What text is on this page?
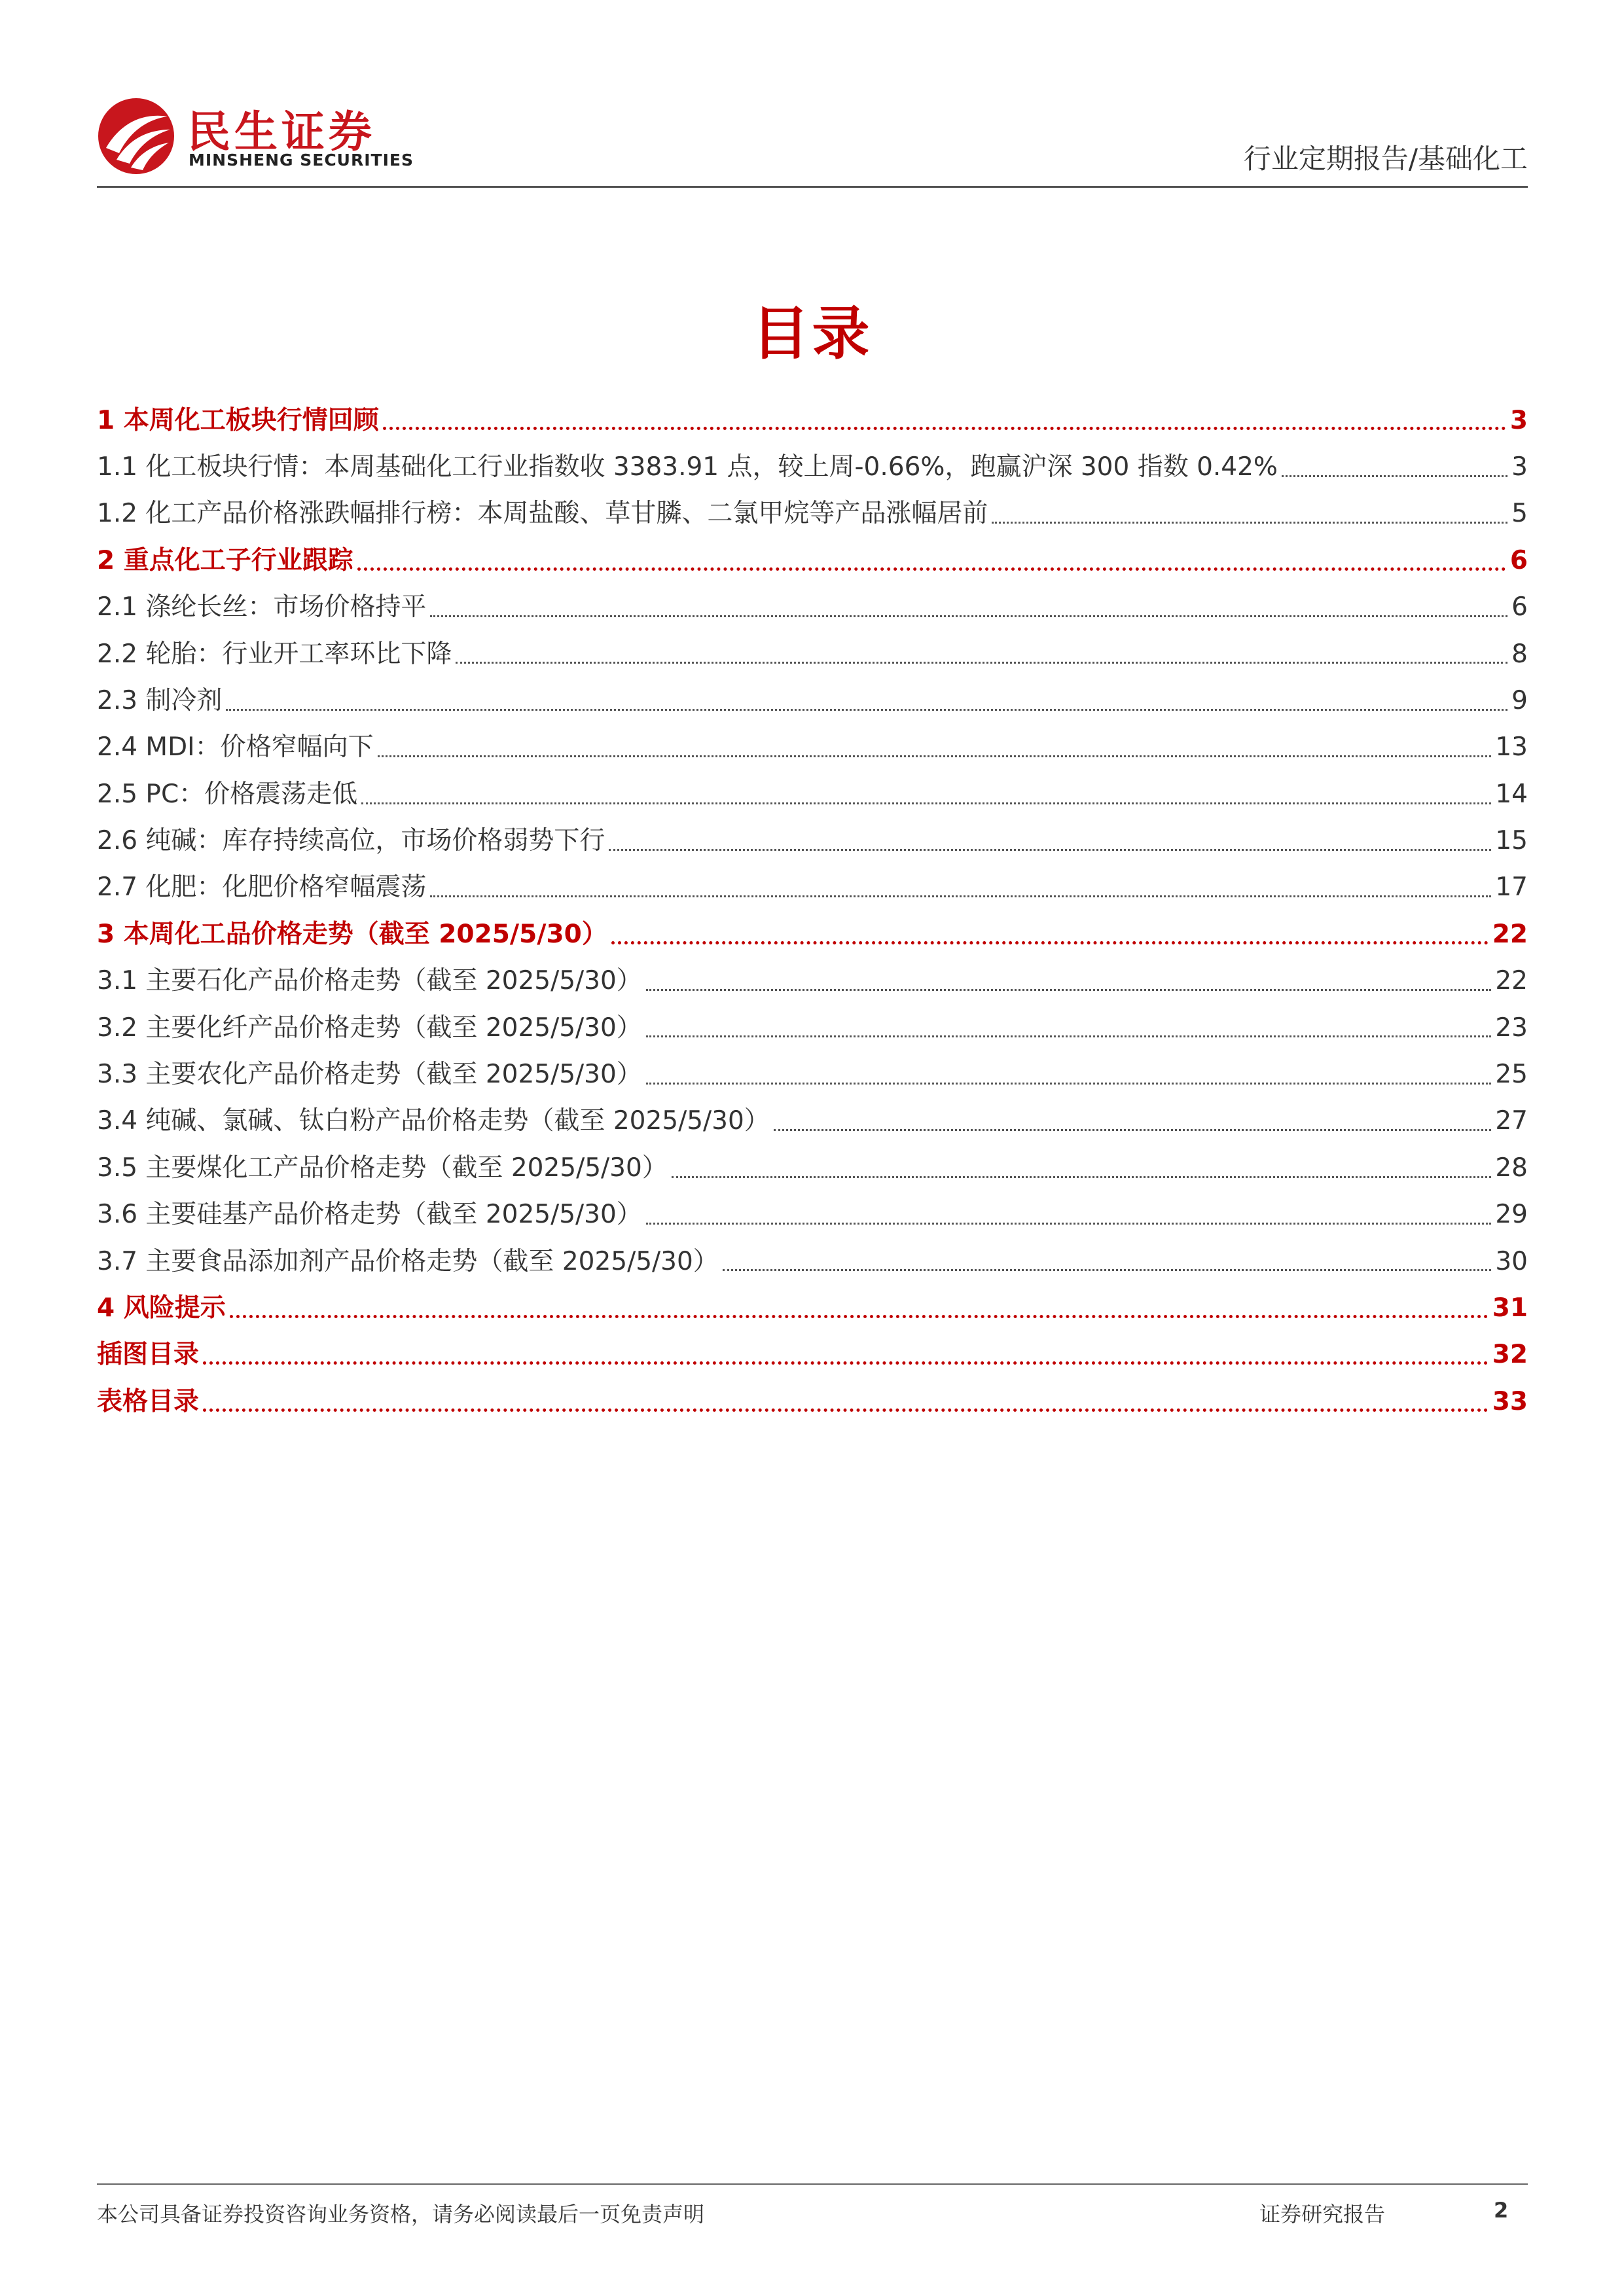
民生证券
MINSHENG SECURITIES	行业定期报告/基础化工
目录
1 本周化工板块行情回顾	3
1.1 化工板块行情：本周基础化工行业指数收 3383.91 点，较上周-0.66%，跑赢沪深 300 指数 0.42%	3
1.2 化工产品价格涨跌幅排行榜：本周盐酸、草甘膦、二氯甲烷等产品涨幅居前	5
2 重点化工子行业跟踪	6
2.1 涤纶长丝：市场价格持平	6
2.2 轮胎：行业开工率环比下降	8
2.3 制冷剂	9
2.4 MDI：价格窄幅向下	13
2.5 PC：价格震荡走低	14
2.6 纯碱：库存持续高位，市场价格弱势下行	15
2.7 化肥：化肥价格窄幅震荡	17
3 本周化工品价格走势（截至 2025/5/30）	22
3.1 主要石化产品价格走势（截至 2025/5/30）	22
3.2 主要化纤产品价格走势（截至 2025/5/30）	23
3.3 主要农化产品价格走势（截至 2025/5/30）	25
3.4 纯碱、氯碱、钛白粉产品价格走势（截至 2025/5/30）	27
3.5 主要煤化工产品价格走势（截至 2025/5/30）	28
3.6 主要硅基产品价格走势（截至 2025/5/30）	29
3.7 主要食品添加剂产品价格走势（截至 2025/5/30）	30
4 风险提示	31
插图目录	32
表格目录	33
本公司具备证券投资咨询业务资格，请务必阅读最后一页免责声明	证券研究报告	2
